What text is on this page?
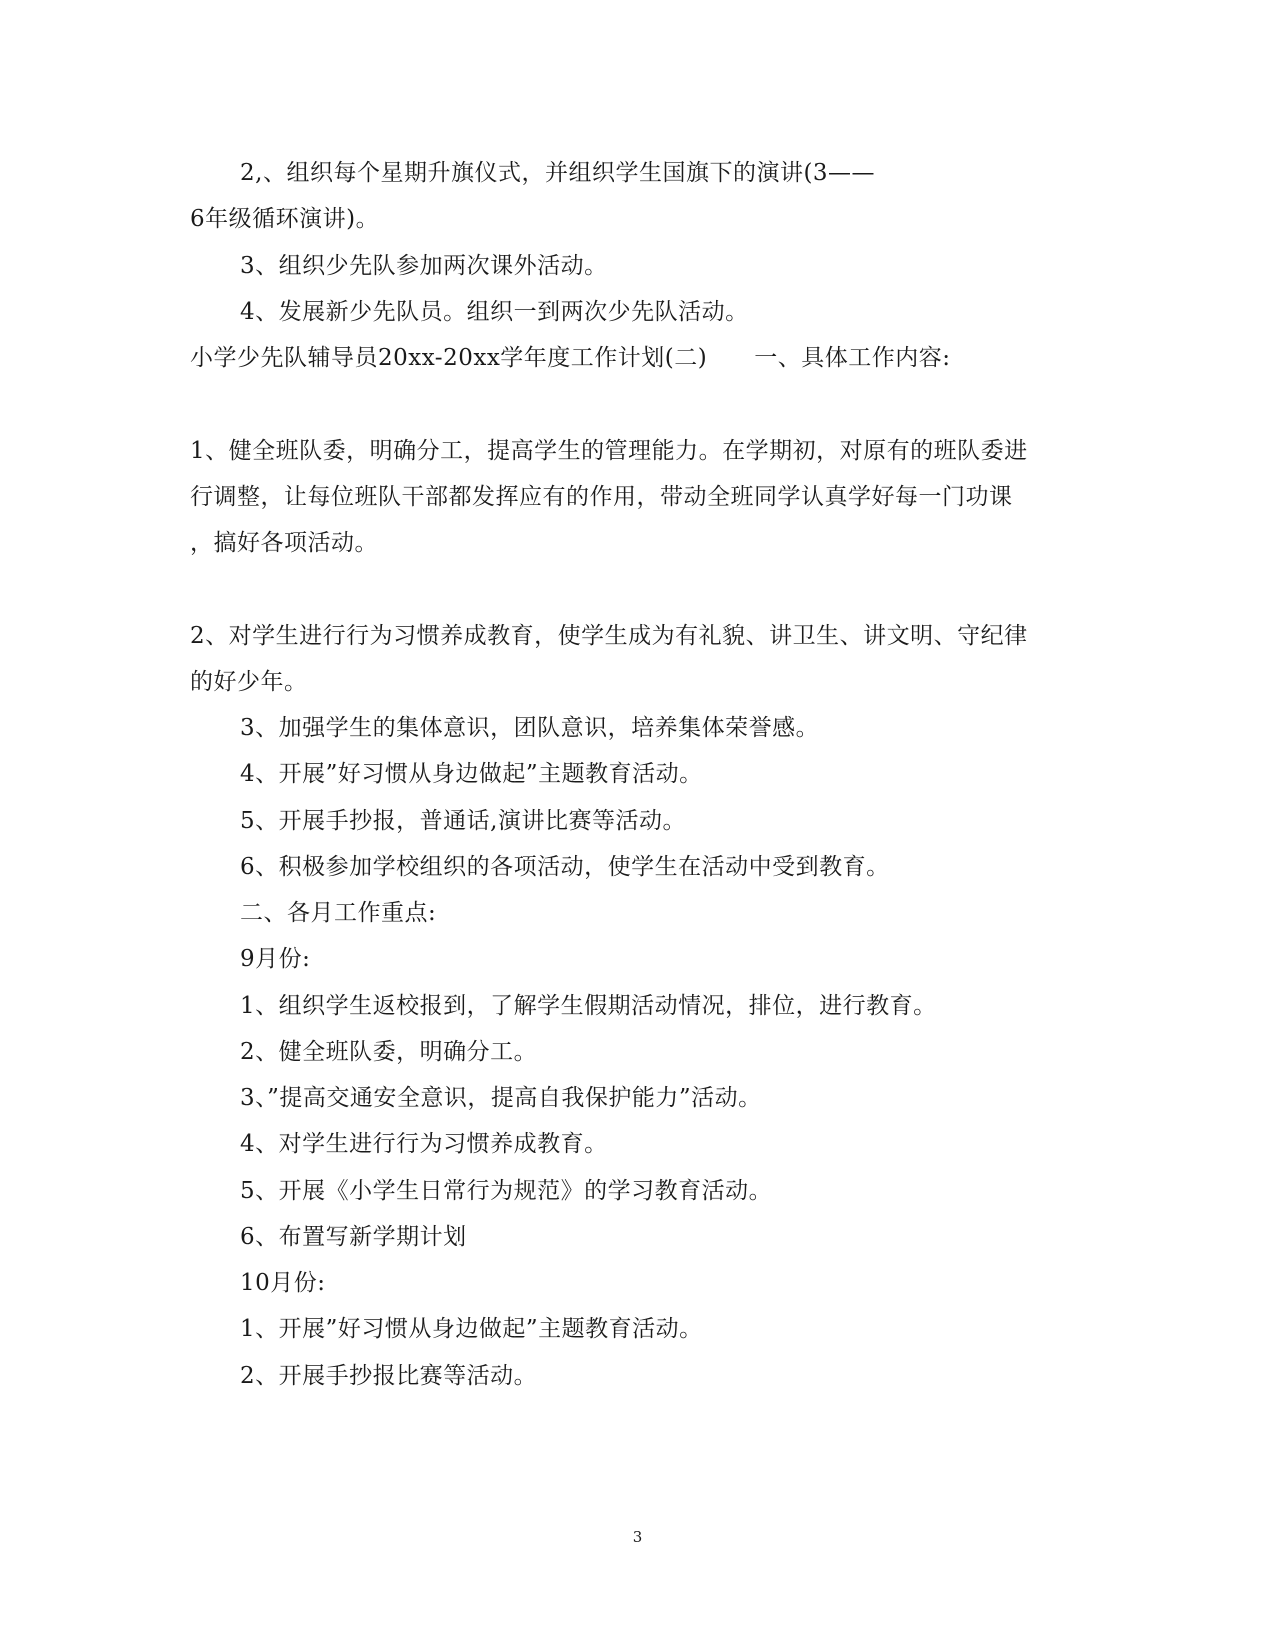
2,、组织每个星期升旗仪式，并组织学生国旗下的演讲(3——
6年级循环演讲)。
3、组织少先队参加两次课外活动。
4、发展新少先队员。组织一到两次少先队活动。
小学少先队辅导员20xx-20xx学年度工作计划(二)　　一、具体工作内容:
1、健全班队委，明确分工，提高学生的管理能力。在学期初，对原有的班队委进
行调整，让每位班队干部都发挥应有的作用，带动全班同学认真学好每一门功课
，搞好各项活动。
2、对学生进行行为习惯养成教育，使学生成为有礼貌、讲卫生、讲文明、守纪律
的好少年。
3、加强学生的集体意识，团队意识，培养集体荣誉感。
4、开展”好习惯从身边做起”主题教育活动。
5、开展手抄报，普通话,演讲比赛等活动。
6、积极参加学校组织的各项活动，使学生在活动中受到教育。
二、各月工作重点:
9月份:
1、组织学生返校报到，了解学生假期活动情况，排位，进行教育。
2、健全班队委，明确分工。
3、”提高交通安全意识，提高自我保护能力”活动。
4、对学生进行行为习惯养成教育。
5、开展《小学生日常行为规范》的学习教育活动。
6、布置写新学期计划
10月份:
1、开展”好习惯从身边做起”主题教育活动。
2、开展手抄报比赛等活动。
3
